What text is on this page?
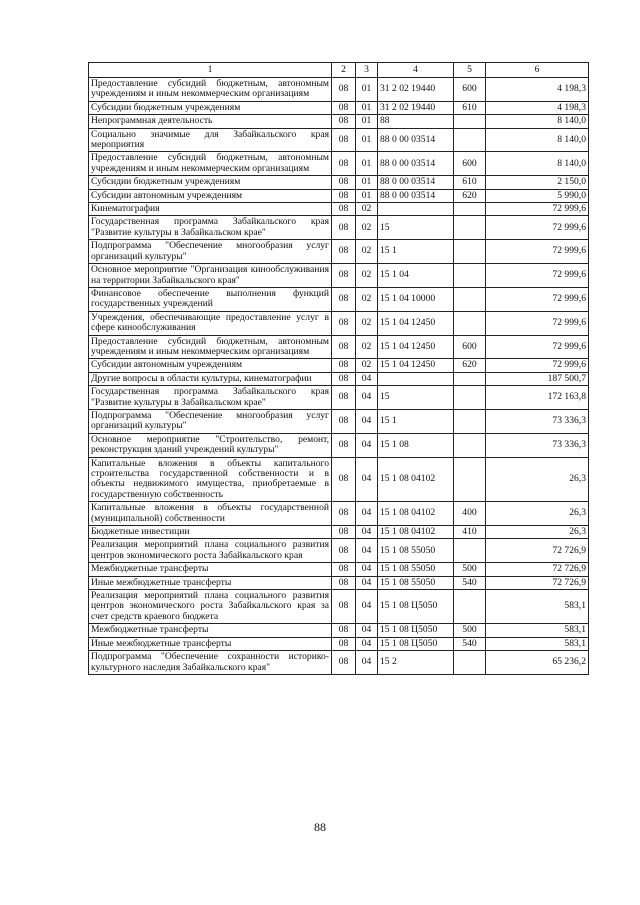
1	2	3	4	5	6
Предоставление субсидий бюджетным, автономным учреждениям и иным некоммерческим организациям	08	01	31 2 02 19440	600	4 198,3
Субсидии бюджетным учреждениям	08	01	31 2 02 19440	610	4 198,3
Непрограммная деятельность	08	01	88		8 140,0
Социально значимые для Забайкальского края мероприятия	08	01	88 0 00 03514		8 140,0
Предоставление субсидий бюджетным, автономным учреждениям и иным некоммерческим организациям	08	01	88 0 00 03514	600	8 140,0
Субсидии бюджетным учреждениям	08	01	88 0 00 03514	610	2 150,0
Субсидии автономным учреждениям	08	01	88 0 00 03514	620	5 990,0
Кинематография	08	02			72 999,6
Государственная программа Забайкальского края "Развитие культуры в Забайкальском крае"	08	02	15		72 999,6
Подпрограмма "Обеспечение многообразия услуг организаций культуры"	08	02	15 1		72 999,6
Основное мероприятие "Организация кинообслуживания на территории Забайкальского края"	08	02	15 1 04		72 999,6
Финансовое обеспечение выполнения функций государственных учреждений	08	02	15 1 04 10000		72 999,6
Учреждения, обеспечивающие предоставление услуг в сфере кинообслуживания	08	02	15 1 04 12450		72 999,6
Предоставление субсидий бюджетным, автономным учреждениям и иным некоммерческим организациям	08	02	15 1 04 12450	600	72 999,6
Субсидии автономным учреждениям	08	02	15 1 04 12450	620	72 999,6
Другие вопросы в области культуры, кинематографии	08	04			187 500,7
Государственная программа Забайкальского края "Развитие культуры в Забайкальском крае"	08	04	15		172 163,8
Подпрограмма "Обеспечение многообразия услуг организаций культуры"	08	04	15 1		73 336,3
Основное мероприятие "Строительство, ремонт, реконструкция зданий учреждений культуры"	08	04	15 1 08		73 336,3
Капитальные вложения в объекты капитального строительства государственной собственности и в объекты недвижимого имущества, приобретаемые в государственную собственность	08	04	15 1 08 04102		26,3
Капитальные вложения в объекты государственной (муниципальной) собственности	08	04	15 1 08 04102	400	26,3
Бюджетные инвестиции	08	04	15 1 08 04102	410	26,3
Реализация мероприятий плана социального развития центров экономического роста Забайкальского края	08	04	15 1 08 55050		72 726,9
Межбюджетные трансферты	08	04	15 1 08 55050	500	72 726,9
Иные межбюджетные трансферты	08	04	15 1 08 55050	540	72 726,9
Реализация мероприятий плана социального развития центров экономического роста Забайкальского края за счет средств краевого бюджета	08	04	15 1 08 Ц5050		583,1
Межбюджетные трансферты	08	04	15 1 08 Ц5050	500	583,1
Иные межбюджетные трансферты	08	04	15 1 08 Ц5050	540	583,1
Подпрограмма "Обеспечение сохранности историко-культурного наследия Забайкальского края"	08	04	15 2		65 236,2
88
